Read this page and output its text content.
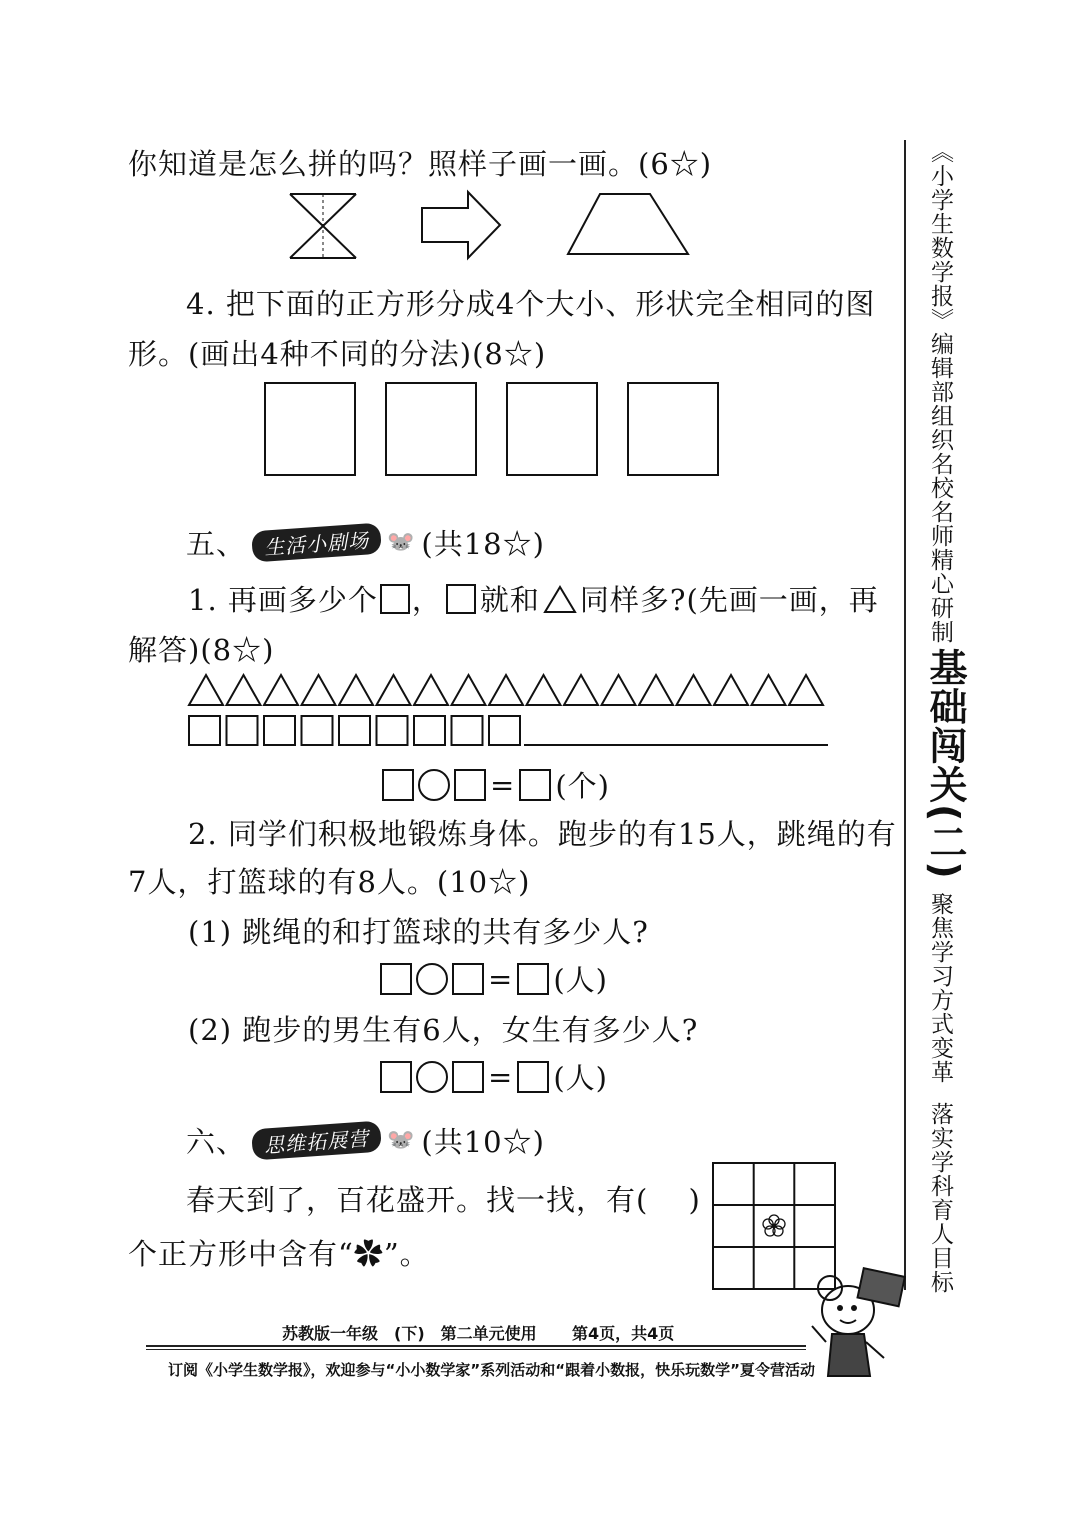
你知道是怎么拼的吗？照样子画一画。(6☆)
4. 把下面的正方形分成4个大小、形状完全相同的图
形。(画出4种不同的分法)(8☆)
五、 生活小剧场 🐭 (共18☆)
1. 再画多少个 ， 就和 同样多?(先画一画，再
解答)(8☆)
= (个)
2. 同学们积极地锻炼身体。跑步的有15人，跳绳的有
7人，打篮球的有8人。(10☆)
(1) 跳绳的和打篮球的共有多少人?
= (人)
(2) 跑步的男生有6人，女生有多少人?
= (人)
六、 思维拓展营 🐭 (共10☆)
春天到了，百花盛开。找一找，有(　 )
个正方形中含有“✿”。
《小学生数学报》编辑部组织名校名师精心研制
基础闯关(二)
聚焦学习方式变革
落实学科育人目标
苏教版一年级　(下)　第二单元使用 第4页，共4页
订阅《小学生数学报》，欢迎参与“小小数学家”系列活动和“跟着小数报，快乐玩数学”夏令营活动
